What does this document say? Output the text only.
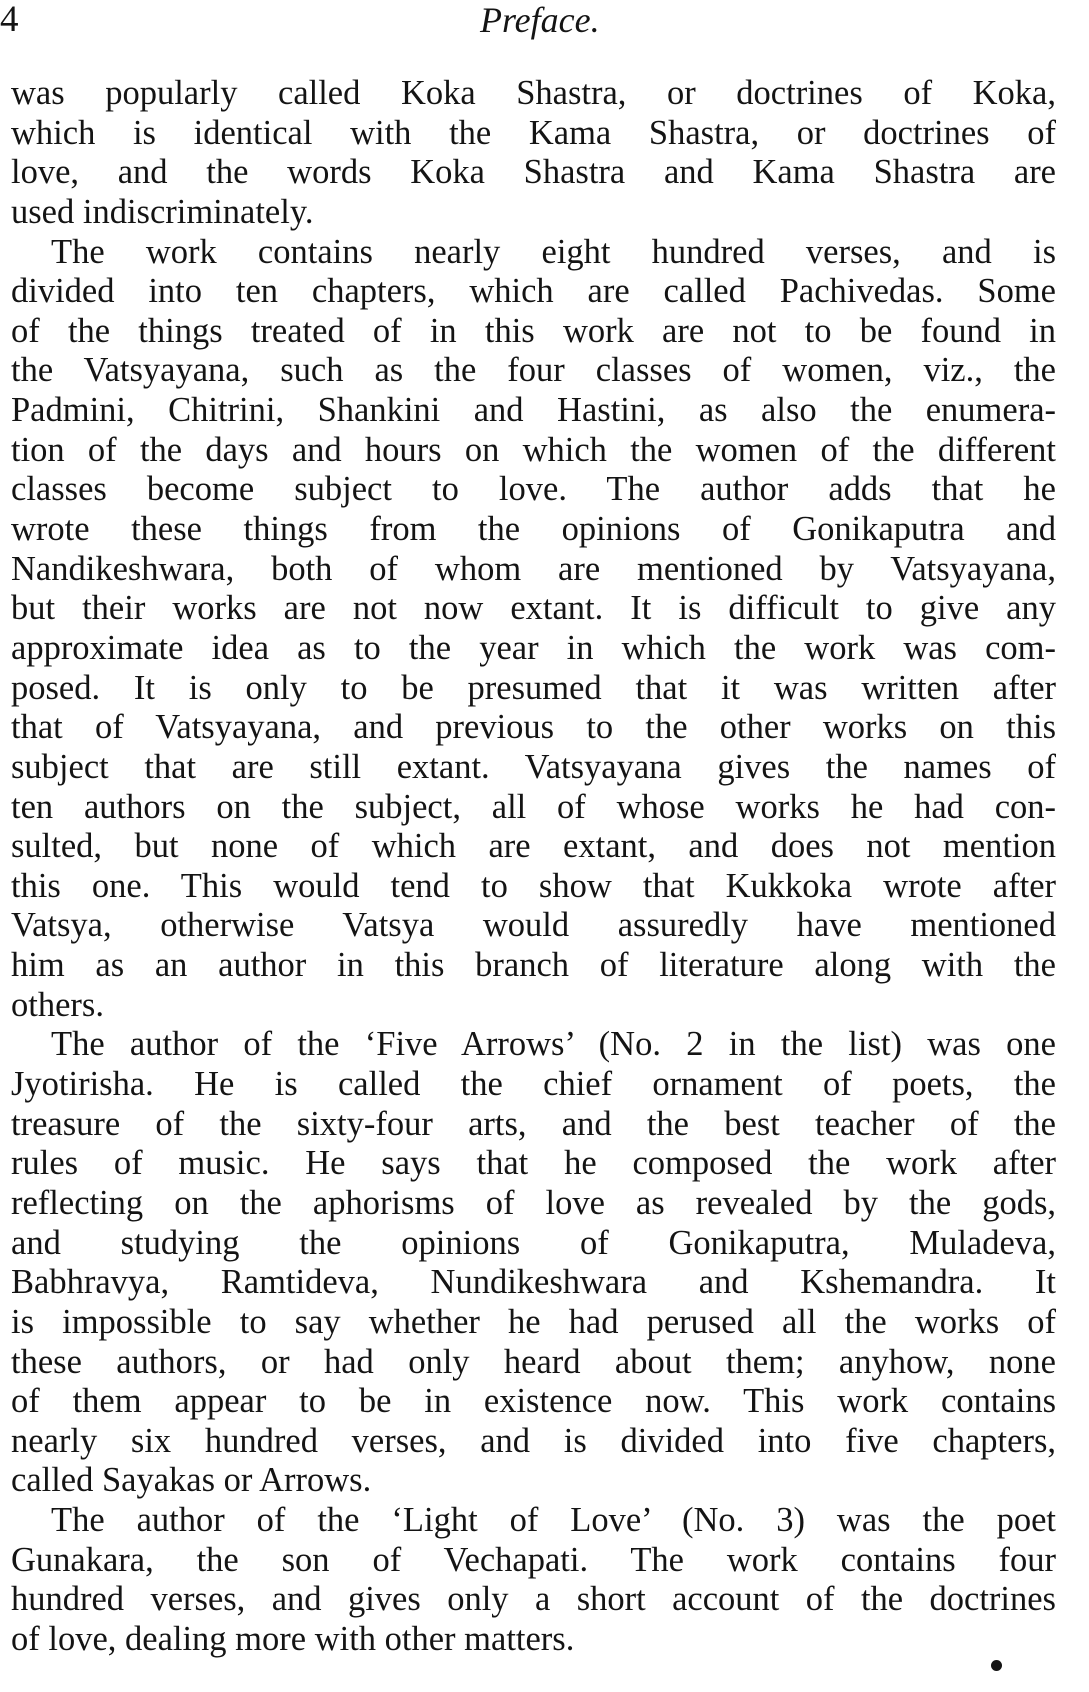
4	Preface.
was popularly called Koka Shastra, or doctrines of Koka,
which is identical with the Kama Shastra, or doctrines of
love, and the words Koka Shastra and Kama Shastra are
used indiscriminately.
The work contains nearly eight hundred verses, and is
divided into ten chapters, which are called Pachivedas. Some
of the things treated of in this work are not to be found in
the Vatsyayana, such as the four classes of women, viz., the
Padmini, Chitrini, Shankini and Hastini, as also the enumera-
tion of the days and hours on which the women of the different
classes become subject to love. The author adds that he
wrote these things from the opinions of Gonikaputra and
Nandikeshwara, both of whom are mentioned by Vatsyayana,
but their works are not now extant. It is difficult to give any
approximate idea as to the year in which the work was com-
posed. It is only to be presumed that it was written after
that of Vatsyayana, and previous to the other works on this
subject that are still extant. Vatsyayana gives the names of
ten authors on the subject, all of whose works he had con-
sulted, but none of which are extant, and does not mention
this one. This would tend to show that Kukkoka wrote after
Vatsya, otherwise Vatsya would assuredly have mentioned
him as an author in this branch of literature along with the
others.
The author of the ‘Five Arrows’ (No. 2 in the list) was one
Jyotirisha. He is called the chief ornament of poets, the
treasure of the sixty-four arts, and the best teacher of the
rules of music. He says that he composed the work after
reflecting on the aphorisms of love as revealed by the gods,
and studying the opinions of Gonikaputra, Muladeva,
Babhravya, Ramtideva, Nundikeshwara and Kshemandra. It
is impossible to say whether he had perused all the works of
these authors, or had only heard about them; anyhow, none
of them appear to be in existence now. This work contains
nearly six hundred verses, and is divided into five chapters,
called Sayakas or Arrows.
The author of the ‘Light of Love’ (No. 3) was the poet
Gunakara, the son of Vechapati. The work contains four
hundred verses, and gives only a short account of the doctrines
of love, dealing more with other matters.
